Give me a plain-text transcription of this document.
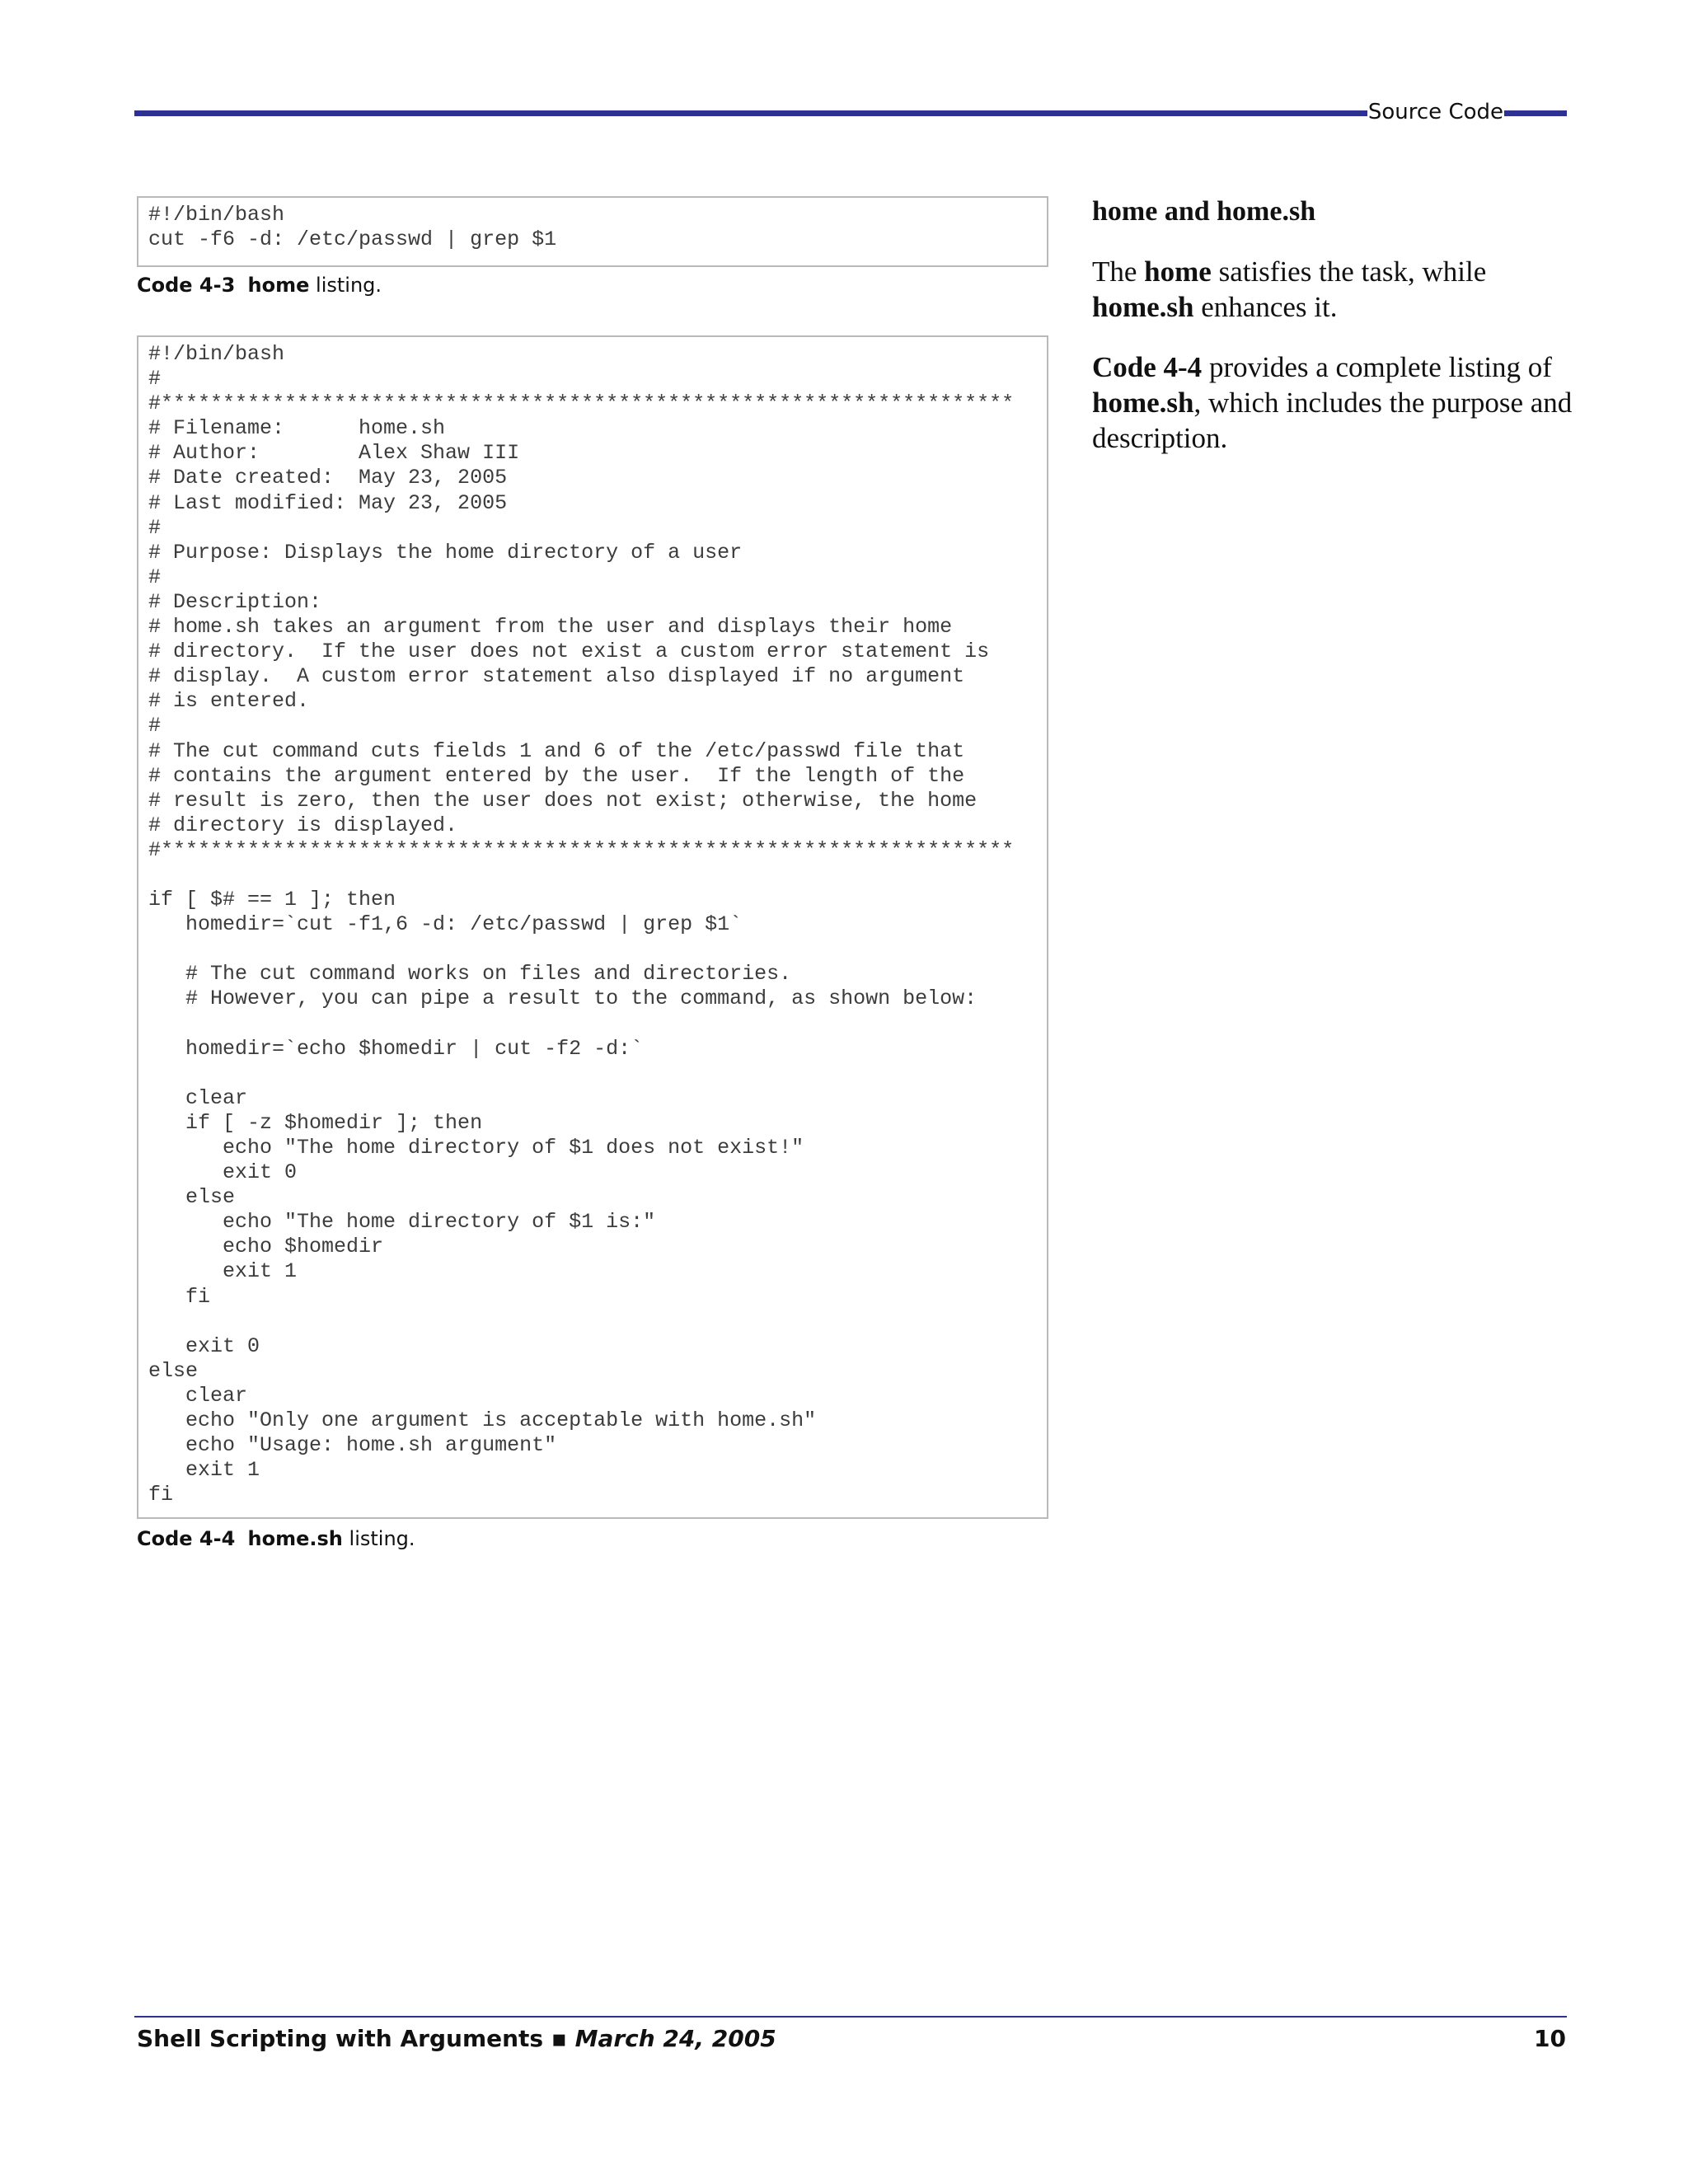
Source Code
#!/bin/bash
cut -f6 -d: /etc/passwd | grep $1
Code 4-3 home listing.
#!/bin/bash
#
#*********************************************************************
# Filename:      home.sh
# Author:        Alex Shaw III
# Date created:  May 23, 2005
# Last modified: May 23, 2005
#
# Purpose: Displays the home directory of a user
#
# Description:
# home.sh takes an argument from the user and displays their home
# directory.  If the user does not exist a custom error statement is
# display.  A custom error statement also displayed if no argument
# is entered.
#
# The cut command cuts fields 1 and 6 of the /etc/passwd file that
# contains the argument entered by the user.  If the length of the
# result is zero, then the user does not exist; otherwise, the home
# directory is displayed.
#*********************************************************************

if [ $# == 1 ]; then
homedir=`cut -f1,6 -d: /etc/passwd | grep $1`

# The cut command works on files and directories.
# However, you can pipe a result to the command, as shown below:

homedir=`echo $homedir | cut -f2 -d:`

clear
if [ -z $homedir ]; then
echo "The home directory of $1 does not exist!"
exit 0
else
echo "The home directory of $1 is:"
echo $homedir
exit 1
fi

exit 0
else
clear
echo "Only one argument is acceptable with home.sh"
echo "Usage: home.sh argument"
exit 1
fi
Code 4-4 home.sh listing.
home and home.sh
The home satisfies the task, while home.sh enhances it.
Code 4-4 provides a complete listing of home.sh, which includes the purpose and description.
Shell Scripting with Arguments ▪ March 24, 2005	10
